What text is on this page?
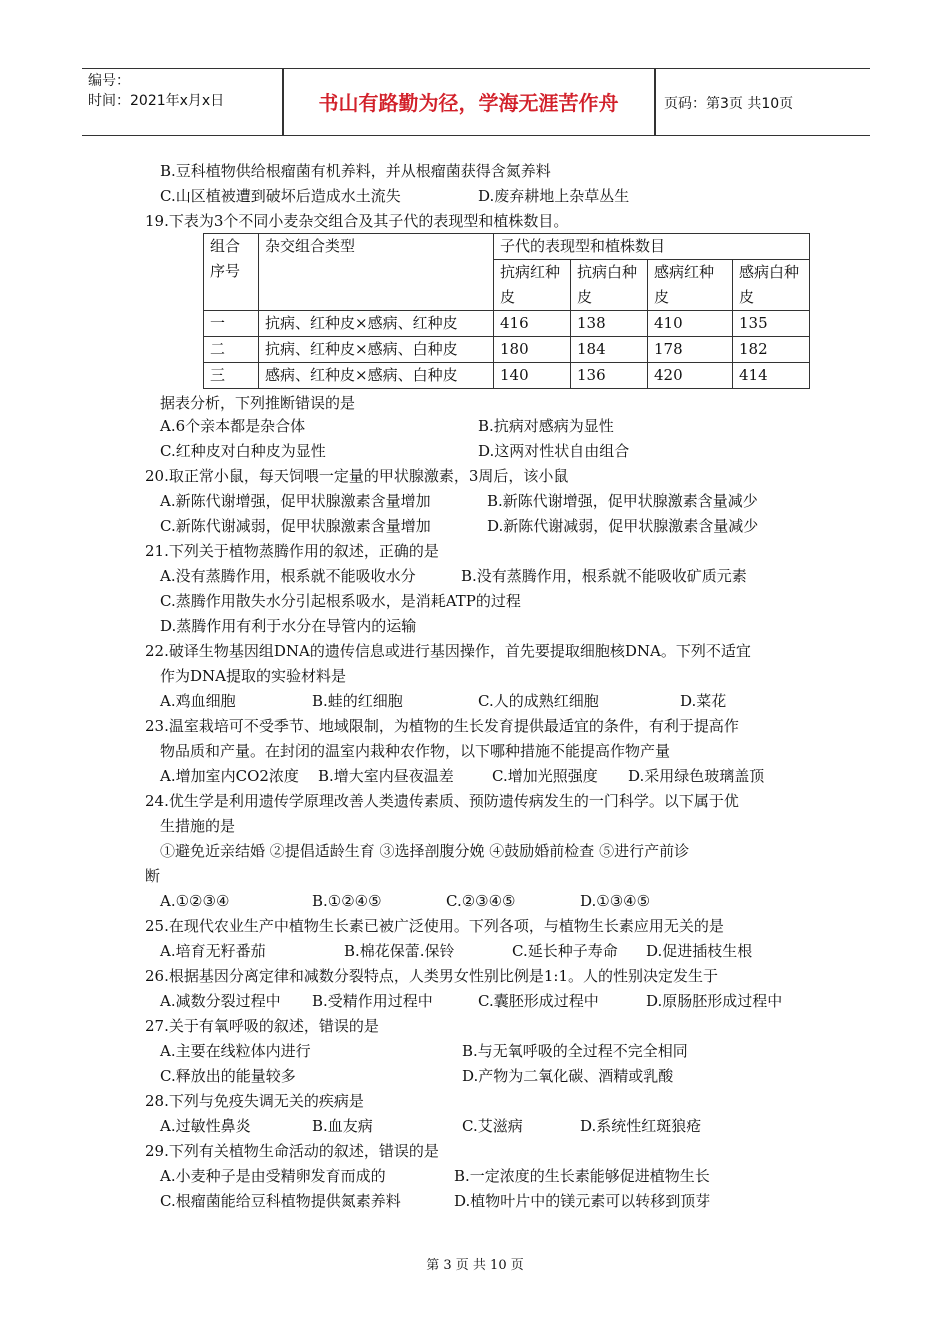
编号：
时间：2021年x月x日	书山有路勤为径，学海无涯苦作舟	页码：第3页 共10页
B.豆科植物供给根瘤菌有机养料，并从根瘤菌获得含氮养料
C.山区植被遭到破坏后造成水土流失	D.废弃耕地上杂草丛生
19.下表为3个不同小麦杂交组合及其子代的表现型和植株数目。
组合序号	杂交组合类型	子代的表现型和植株数目			
		抗病红种皮	抗病白种皮	感病红种皮	感病白种皮
一	抗病、红种皮×感病、红种皮	416	138	410	135
二	抗病、红种皮×感病、白种皮	180	184	178	182
三	感病、红种皮×感病、白种皮	140	136	420	414
据表分析，下列推断错误的是
A.6个亲本都是杂合体	B.抗病对感病为显性
C.红种皮对白种皮为显性	D.这两对性状自由组合
20.取正常小鼠，每天饲喂一定量的甲状腺激素，3周后，该小鼠
A.新陈代谢增强，促甲状腺激素含量增加	B.新陈代谢增强，促甲状腺激素含量减少
C.新陈代谢减弱，促甲状腺激素含量增加	D.新陈代谢减弱，促甲状腺激素含量减少
21.下列关于植物蒸腾作用的叙述，正确的是
A.没有蒸腾作用，根系就不能吸收水分	B.没有蒸腾作用，根系就不能吸收矿质元素
C.蒸腾作用散失水分引起根系吸水，是消耗ATP的过程
D.蒸腾作用有利于水分在导管内的运输
22.破译生物基因组DNA的遗传信息或进行基因操作，首先要提取细胞核DNA。下列不适宜
作为DNA提取的实验材料是
A.鸡血细胞	B.蛙的红细胞	C.人的成熟红细胞	D.菜花
23.温室栽培可不受季节、地域限制，为植物的生长发育提供最适宜的条件，有利于提高作
物品质和产量。在封闭的温室内栽种农作物，以下哪种措施不能提高作物产量
A.增加室内CO2浓度 B.增大室内昼夜温差	C.增加光照强度 D.采用绿色玻璃盖顶
24.优生学是利用遗传学原理改善人类遗传素质、预防遗传病发生的一门科学。以下属于优
生措施的是
①避免近亲结婚 ②提倡适龄生育 ③选择剖腹分娩 ④鼓励婚前检查 ⑤进行产前诊
断
A.①②③④	B.①②④⑤	C.②③④⑤	D.①③④⑤
25.在现代农业生产中植物生长素已被广泛使用。下列各项，与植物生长素应用无关的是
A.培育无籽番茄	B.棉花保蕾.保铃	C.延长种子寿命 D.促进插枝生根
26.根据基因分离定律和减数分裂特点，人类男女性别比例是1:1。人的性别决定发生于
A.减数分裂过程中 B.受精作用过程中	C.囊胚形成过程中	D.原肠胚形成过程中
27.关于有氧呼吸的叙述，错误的是
A.主要在线粒体内进行	B.与无氧呼吸的全过程不完全相同
C.释放出的能量较多	D.产物为二氧化碳、酒精或乳酸
28.下列与免疫失调无关的疾病是
A.过敏性鼻炎	B.血友病	C.艾滋病	D.系统性红斑狼疮
29.下列有关植物生命活动的叙述，错误的是
A.小麦种子是由受精卵发育而成的	B.一定浓度的生长素能够促进植物生长
C.根瘤菌能给豆科植物提供氮素养料	D.植物叶片中的镁元素可以转移到顶芽
第 3 页 共 10 页
